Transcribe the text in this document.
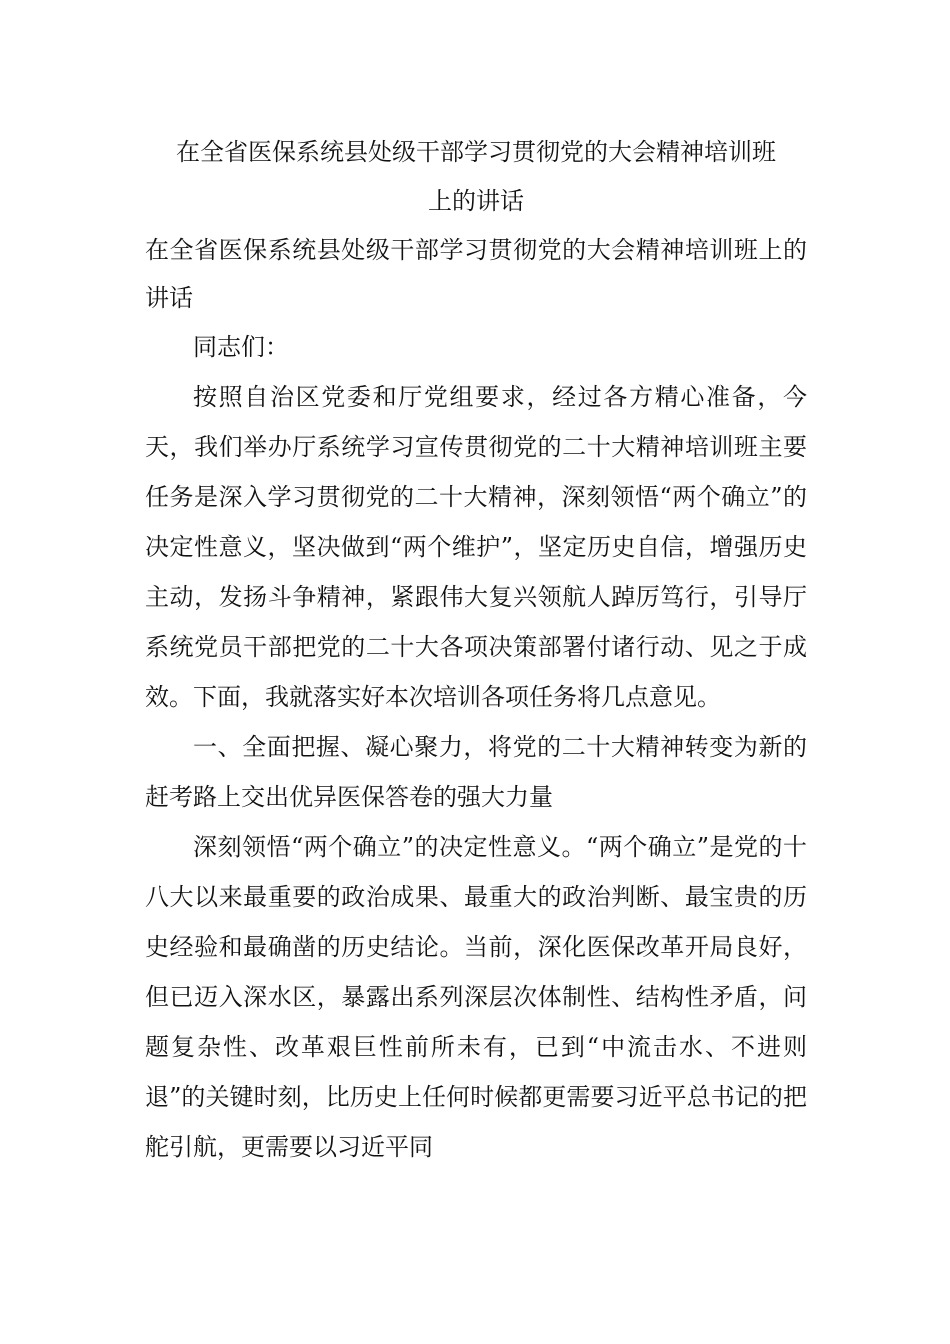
在全省医保系统县处级干部学习贯彻党的大会精神培训班
上的讲话

在全省医保系统县处级干部学习贯彻党的大会精神培训班上的讲话

同志们：

按照自治区党委和厅党组要求，经过各方精心准备，今天，我们举办厅系统学习宣传贯彻党的二十大精神培训班主要任务是深入学习贯彻党的二十大精神，深刻领悟“两个确立”的决定性意义，坚决做到“两个维护”，坚定历史自信，增强历史主动，发扬斗争精神，紧跟伟大复兴领航人踔厉笃行，引导厅系统党员干部把党的二十大各项决策部署付诸行动、见之于成效。下面，我就落实好本次培训各项任务将几点意见。

一、全面把握、凝心聚力，将党的二十大精神转变为新的赶考路上交出优异医保答卷的强大力量

深刻领悟“两个确立”的决定性意义。“两个确立”是党的十八大以来最重要的政治成果、最重大的政治判断、最宝贵的历史经验和最确凿的历史结论。当前，深化医保改革开局良好，但已迈入深水区，暴露出系列深层次体制性、结构性矛盾，问题复杂性、改革艰巨性前所未有，已到“中流击水、不进则退”的关键时刻，比历史上任何时候都更需要习近平总书记的把舵引航，更需要以习近平同
